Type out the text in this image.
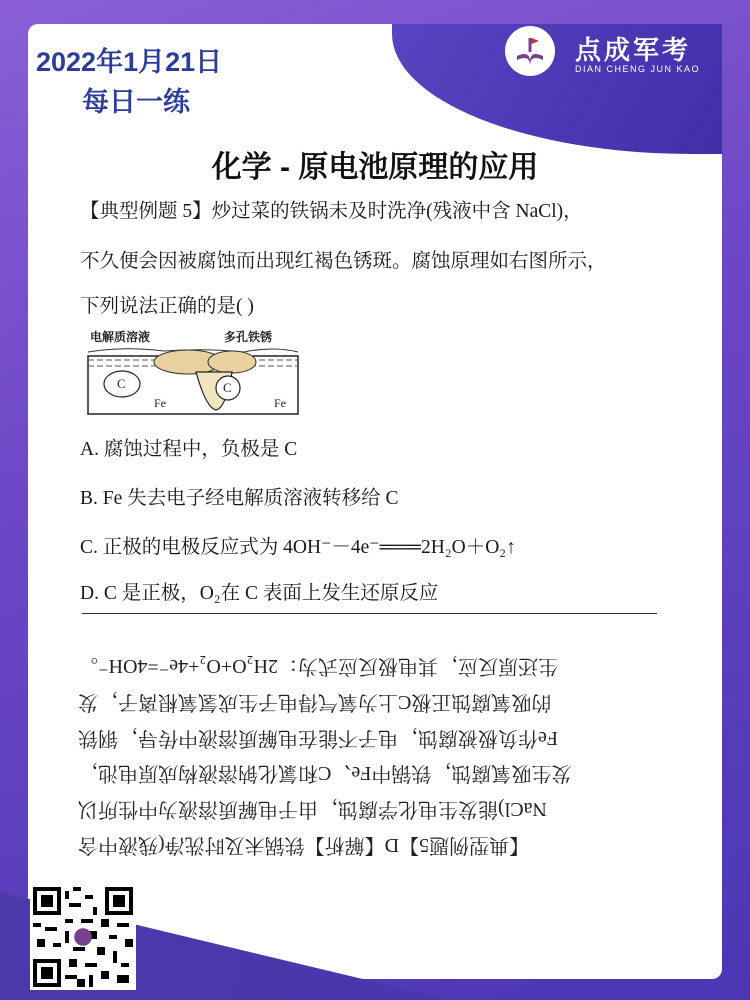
2022年1月21日
每日一练
点成军考
DIAN CHENG JUN KAO
化学 - 原电池原理的应用
【典型例题 5】炒过菜的铁锅未及时洗净(残液中含 NaCl)，
不久便会因被腐蚀而出现红褐色锈斑。腐蚀原理如右图所示，
下列说法正确的是( )
电解质溶液	多孔铁锈
C	C
Fe	Fe
A. 腐蚀过程中，负极是 C
B. Fe 失去电子经电解质溶液转移给 C
C. 正极的电极反应式为 4OH⁻－4e⁻═══2H₂O＋O₂↑
D. C 是正极，O₂在 C 表面上发生还原反应
【典型例题5】D【解析】铁锅未及时洗净(残液中含
NaCl)能发生电化学腐蚀，由于电解质溶液为中性所以
发生吸氧腐蚀，铁锅中Fe、C和氯化钠溶液构成原电池，
Fe作负极被腐蚀，电子不能在电解质溶液中传导，钢铁
的吸氧腐蚀正极C上为氧气得电子生成氢氧根离子，发
生还原反应，其电极反应式为：2H₂O+O₂+4e⁻=4OH⁻。
